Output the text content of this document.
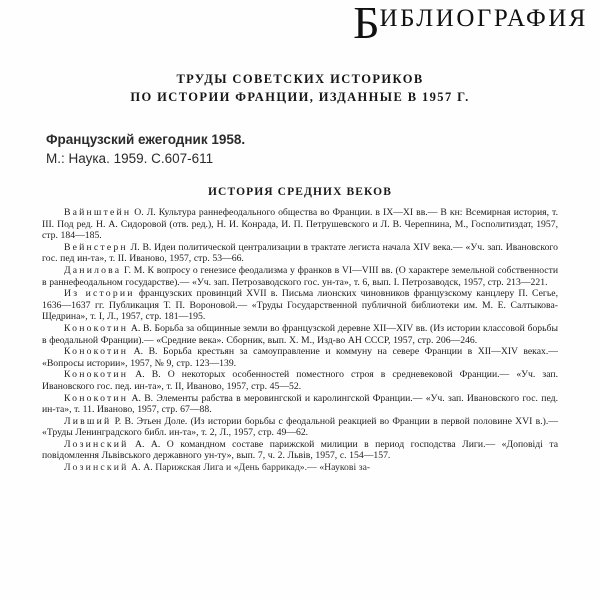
БИБЛИОГРАФИЯ
ТРУДЫ СОВЕТСКИХ ИСТОРИКОВ
ПО ИСТОРИИ ФРАНЦИИ, ИЗДАННЫЕ В 1957 Г.
Французский ежегодник 1958.
М.: Наука. 1959. С.607-611
ИСТОРИЯ СРЕДНИХ ВЕКОВ

Вайнштейн О. Л. Культура раннефеодального общества во Франции. в IX—XI вв.— В кн: Всемирная история, т. III. Под ред. Н. А. Сидоровой (отв. ред.), Н. И. Конрада, И. П. Петрушевского и Л. В. Черепнина, М., Госполитиздат, 1957, стр. 184—185.

Вейнстерн Л. В. Идеи политической централизации в трактате легиста начала XIV века.— «Уч. зап. Ивановского гос. пед ин-та», т. II. Иваново, 1957, стр. 53—66.

Данилова Г. М. К вопросу о генезисе феодализма у франков в VI—VIII вв. (О характере земельной собственности в раннефеодальном государстве).— «Уч. зап. Петрозаводского гос. ун-та», т. 6, вып. I. Петрозаводск, 1957, стр. 213—221.

Из истории французских провинций XVII в. Письма лионских чиновников французскому канцлеру П. Сегье, 1636—1637 гг. Публикация Т. П. Вороновой.— «Труды Государственной публичной библиотеки им. М. Е. Салтыкова-Щедрина», т. I, Л., 1957, стр. 181—195.

Конокотин А. В. Борьба за общинные земли во французской деревне XII—XIV вв. (Из истории классовой борьбы в феодальной Франции).— «Средние века». Сборник, вып. X. М., Изд-во АН СССР, 1957, стр. 206—246.

Конокотин А. В. Борьба крестьян за самоуправление и коммуну на севере Франции в XII—XIV веках.— «Вопросы истории», 1957, № 9, стр. 123—139.

Конокотин А. В. О некоторых особенностей поместного строя в средневековой Франции.— «Уч. зап. Ивановского гос. пед. ин-та», т. II, Иваново, 1957, стр. 45—52.

Конокотин А. В. Элементы рабства в меровингской и каролингской Франции.— «Уч. зап. Ивановского гос. пед. ин-та», т. 11. Иваново, 1957, стр. 67—88.

Ливший Р. В. Этьен Доле. (Из истории борьбы с феодальной реакцией во Франции в первой половине XVI в.).— «Труды Ленинградского библ. ин-та», т. 2, Л., 1957, стр. 49—62.

Лозинский А. А. О командном составе парижской милиции в период господства Лиги.— «Доповіді та повідомлення Львівського державного ун-ту», вып. 7, ч. 2. Львів, 1957, с. 154—157.

Лозинский А. А. Парижская Лига и «День баррикад».— «Науковi за-
